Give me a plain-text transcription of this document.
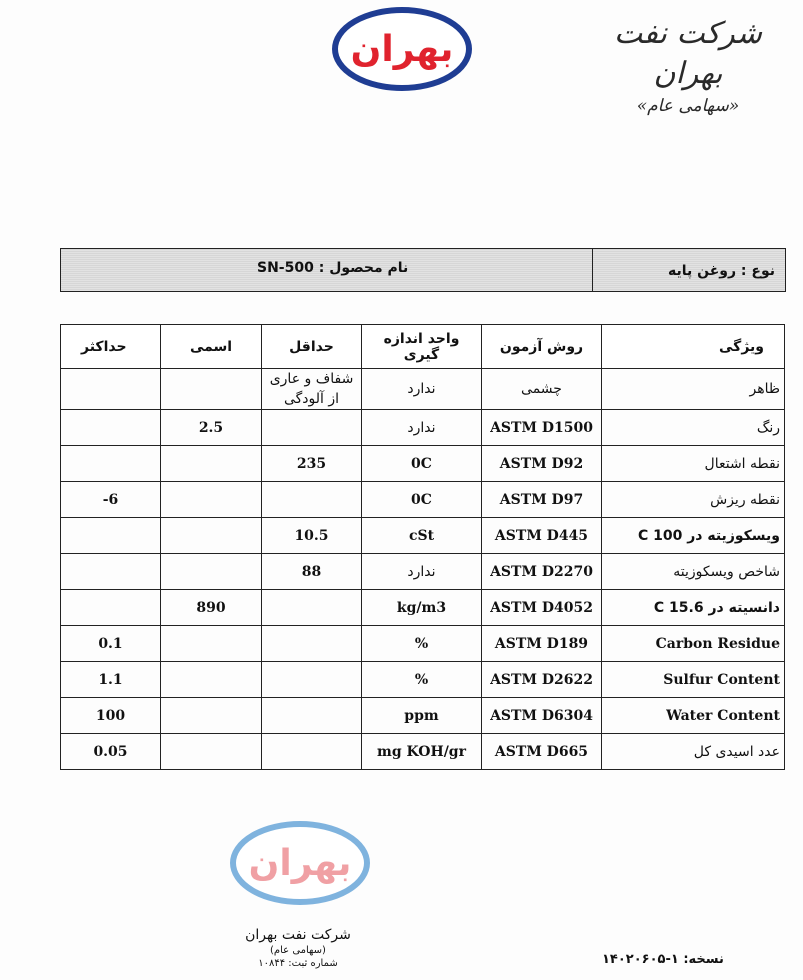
بهران	شرکت نفت بهران
«سهامی عام»
نام محصول : SN-500	نوع : روغن پایه
حداکثر	اسمی	حداقل	واحد اندازه گیری	روش آزمون	ویژگی
		شفاف و عاری از آلودگی	ندارد	چشمی	ظاهر
	2.5		ندارد	ASTM D1500	رنگ
		235	0C	ASTM D92	نقطه اشتعال
-6			0C	ASTM D97	نقطه ریزش
		10.5	cSt	ASTM D445	ویسکوزیته در 100 C
		88	ندارد	ASTM D2270	شاخص ویسکوزیته
	890		kg/m3	ASTM D4052	دانسیته در 15.6 C
0.1			%	ASTM D189	Carbon Residue
1.1			%	ASTM D2622	Sulfur Content
100			ppm	ASTM D6304	Water Content
0.05			mg KOH/gr	ASTM D665	عدد اسیدی کل
بهران
شرکت نفت بهران
(سهامی عام)
شماره ثبت: ۱۰۸۴۴	نسخه: ۱-۱۴۰۲۰۶۰۵
